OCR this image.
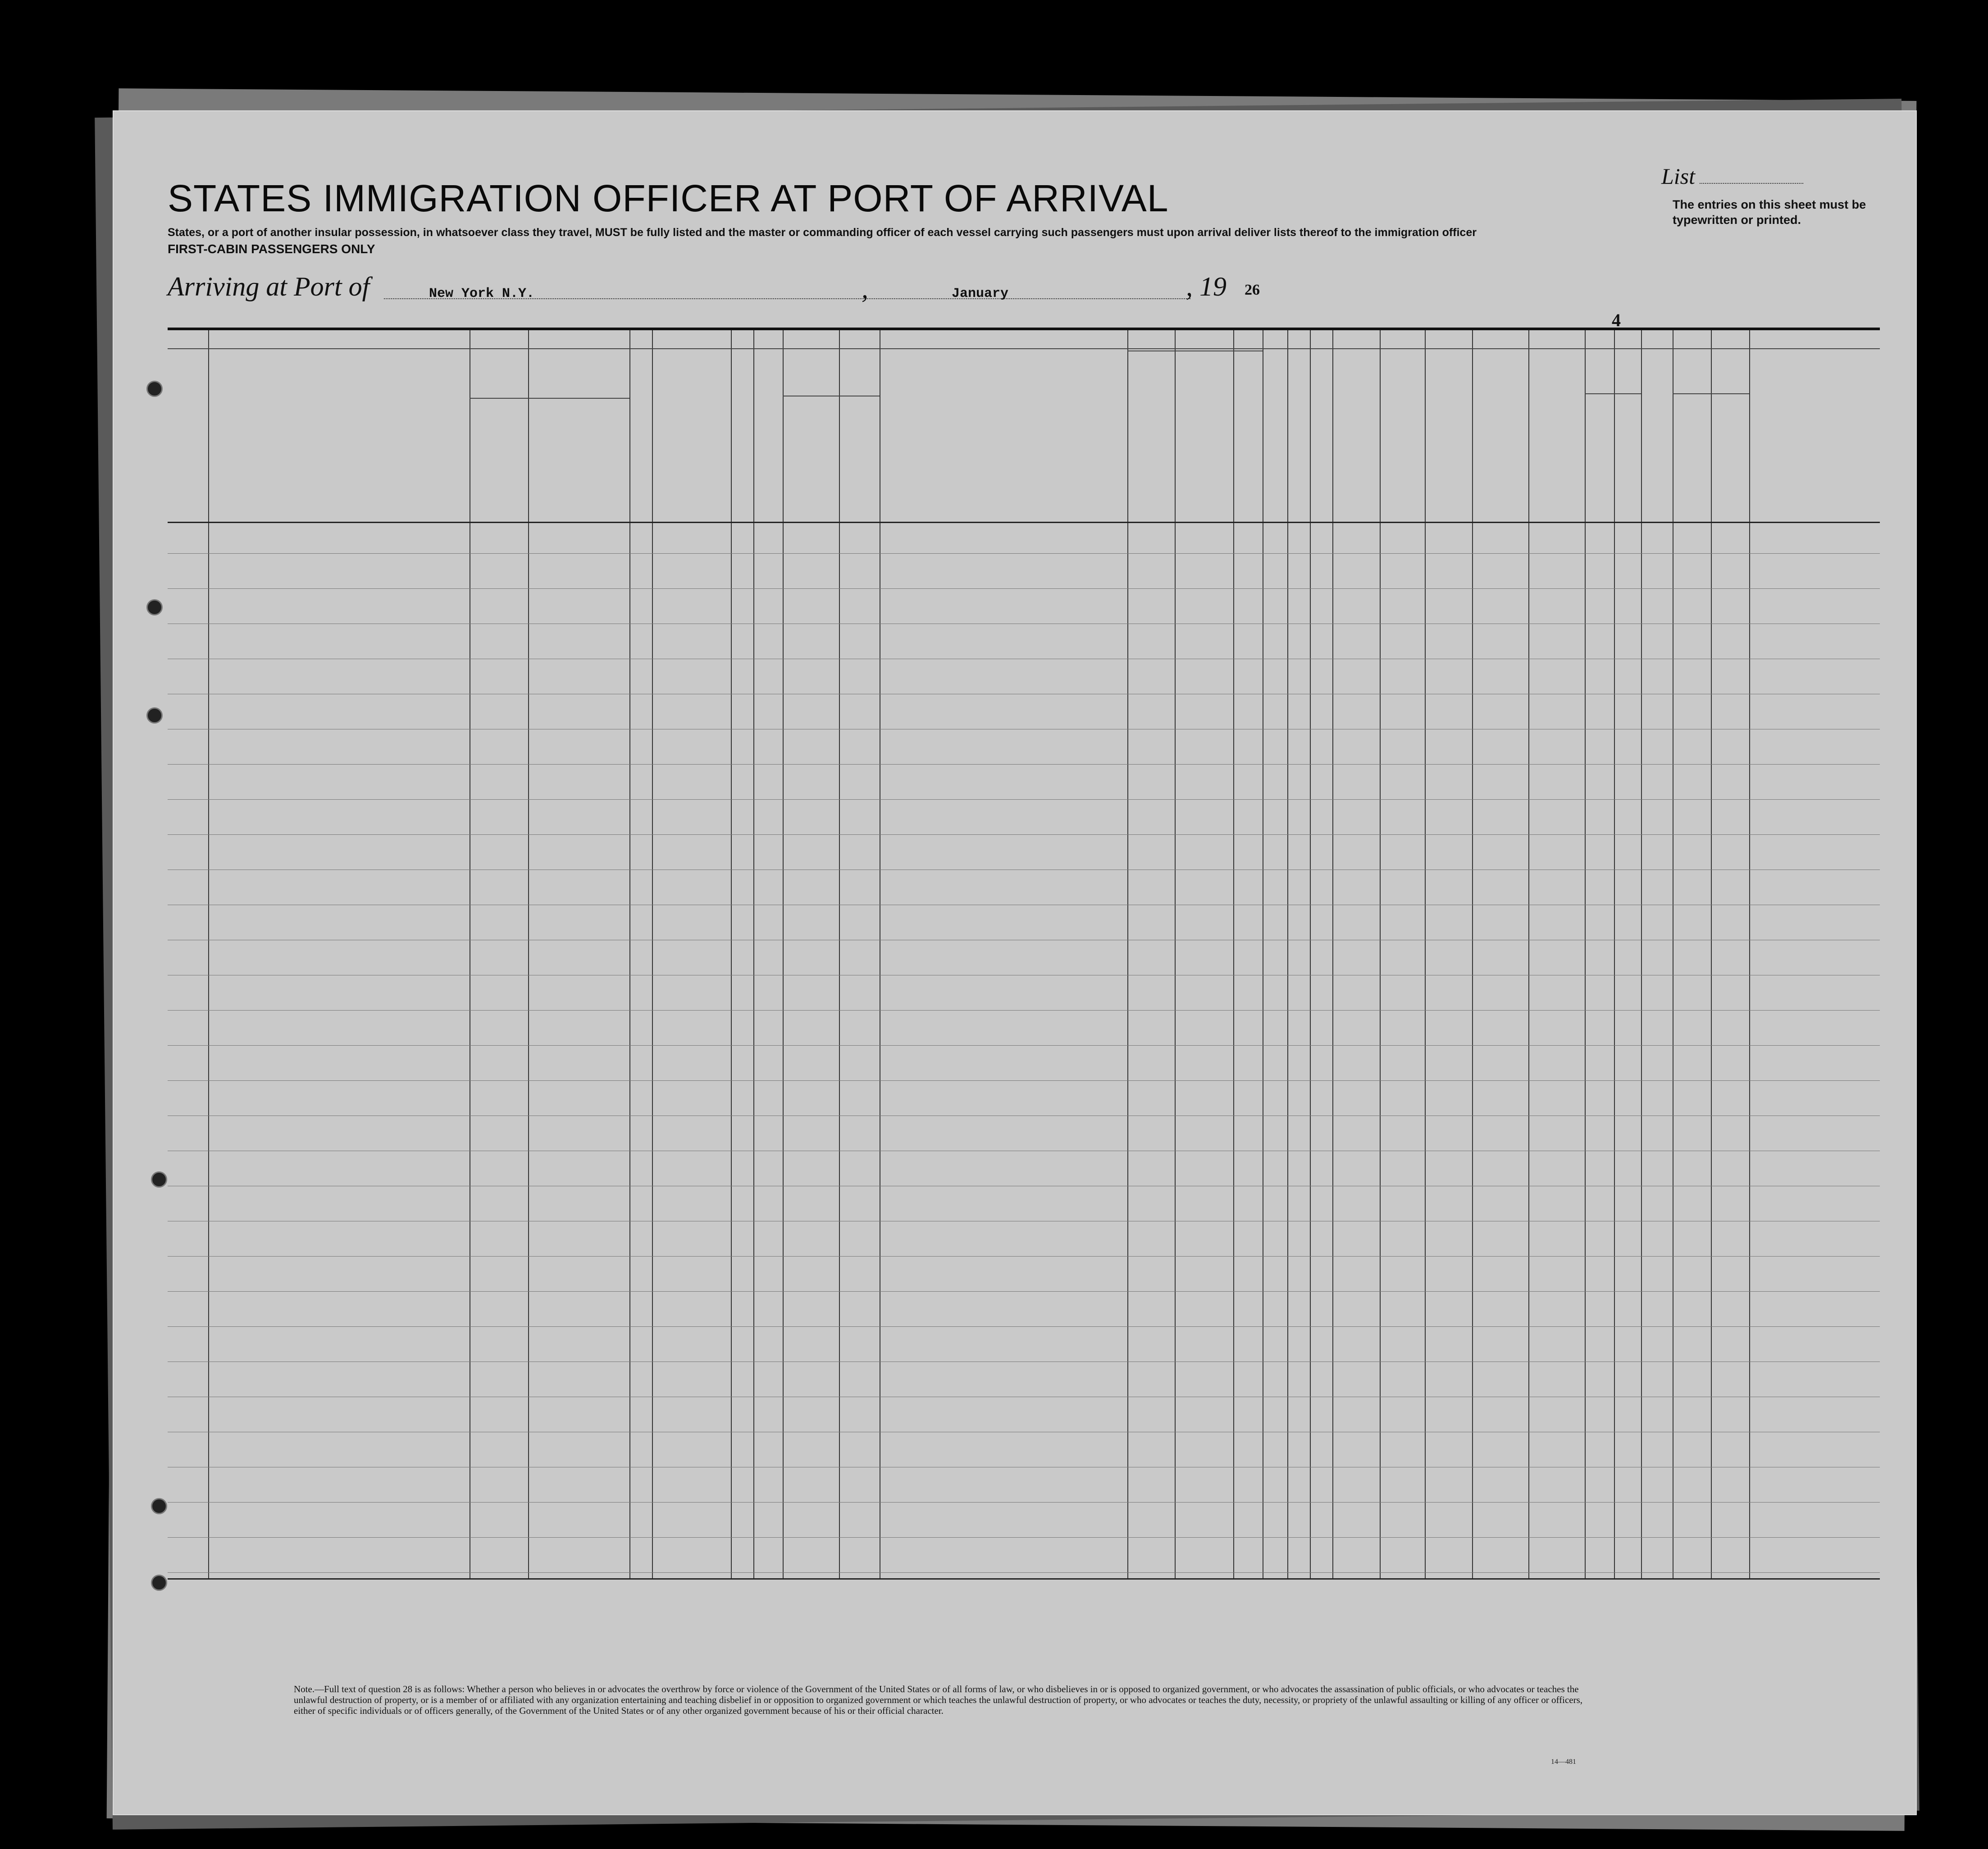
STATES IMMIGRATION OFFICER AT PORT OF ARRIVAL
List
The entries on this sheet must be typewritten or printed.
States, or a port of another insular possession, in whatsoever class they travel, MUST be fully listed and the master or commanding officer of each vessel carrying such passengers must upon arrival deliver lists thereof to the immigration officer
FIRST-CABIN PASSENGERS ONLY
Arriving at Port of	New York N.Y.	,	January	, 19 26
4
Note.—Full text of question 28 is as follows: Whether a person who believes in or advocates the overthrow by force or violence of the Government of the United States or of all forms of law, or who disbelieves in or is opposed to organized government, or who advocates the assassination of public officials, or who advocates or teaches the unlawful destruction of property, or is a member of or affiliated with any organization entertaining and teaching disbelief in or opposition to organized government or which teaches the unlawful destruction of property, or who advocates or teaches the duty, necessity, or propriety of the unlawful assaulting or killing of any officer or officers, either of specific individuals or of officers generally, of the Government of the United States or of any other organized government because of his or their official character.
14—481
